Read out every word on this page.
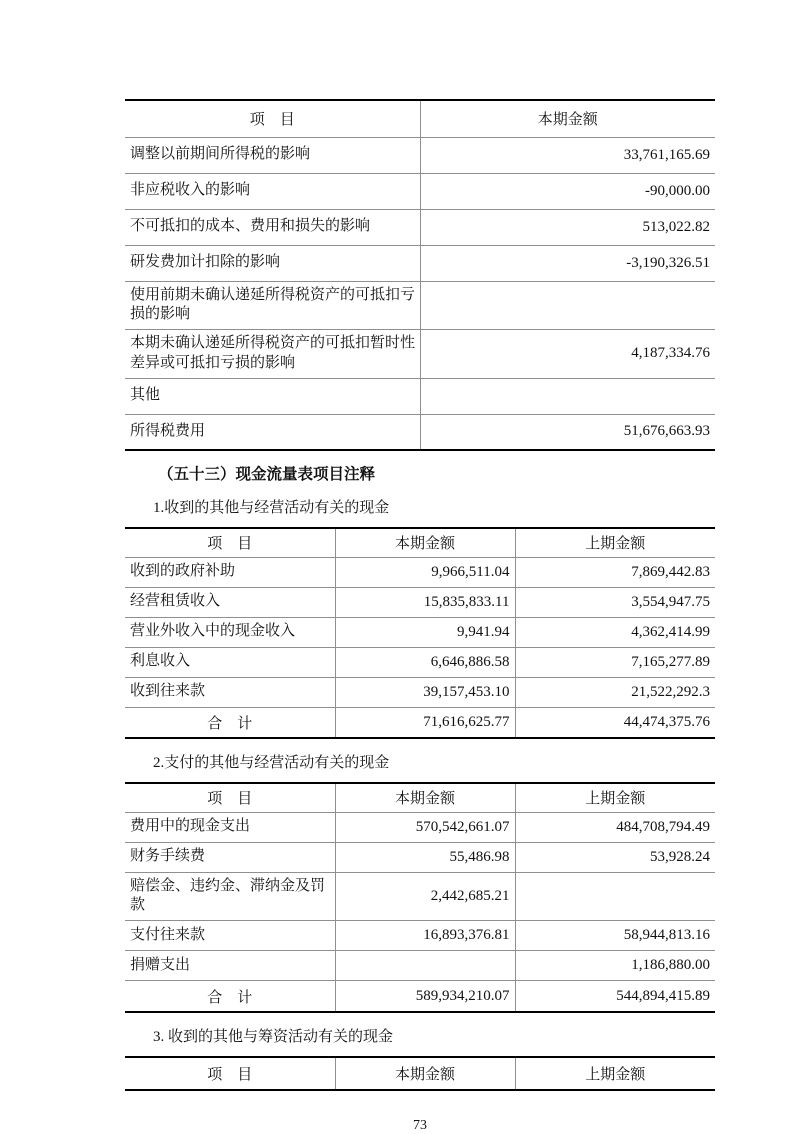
项　目	本期金额
调整以前期间所得税的影响	33,761,165.69
非应税收入的影响	-90,000.00
不可抵扣的成本、费用和损失的影响	513,022.82
研发费加计扣除的影响	-3,190,326.51
使用前期未确认递延所得税资产的可抵扣亏损的影响	
本期未确认递延所得税资产的可抵扣暂时性差异或可抵扣亏损的影响	4,187,334.76
其他	
所得税费用	51,676,663.93
（五十三）现金流量表项目注释
1.收到的其他与经营活动有关的现金
项　目	本期金额	上期金额
收到的政府补助	9,966,511.04	7,869,442.83
经营租赁收入	15,835,833.11	3,554,947.75
营业外收入中的现金收入	9,941.94	4,362,414.99
利息收入	6,646,886.58	7,165,277.89
收到往来款	39,157,453.10	21,522,292.3
合　计	71,616,625.77	44,474,375.76
2.支付的其他与经营活动有关的现金
项　目	本期金额	上期金额
费用中的现金支出	570,542,661.07	484,708,794.49
财务手续费	55,486.98	53,928.24
赔偿金、违约金、滞纳金及罚款	2,442,685.21	
支付往来款	16,893,376.81	58,944,813.16
捐赠支出		1,186,880.00
合　计	589,934,210.07	544,894,415.89
3. 收到的其他与筹资活动有关的现金
项　目	本期金额	上期金额
73
